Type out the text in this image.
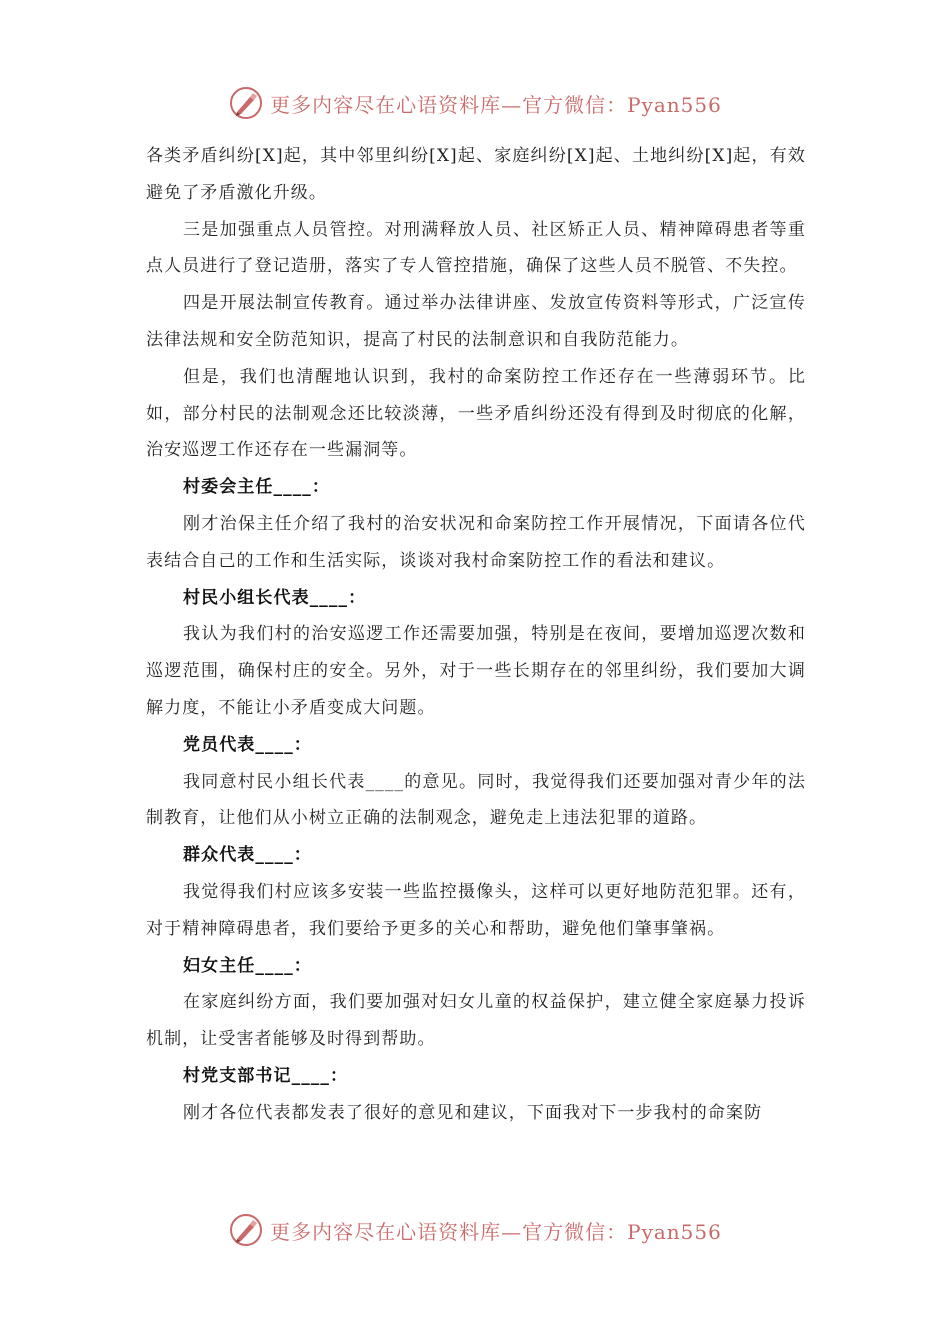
更多内容尽在心语资料库—官方微信：Pyan556

各类矛盾纠纷[X]起，其中邻里纠纷[X]起、家庭纠纷[X]起、土地纠纷[X]起，有效避免了矛盾激化升级。

三是加强重点人员管控。对刑满释放人员、社区矫正人员、精神障碍患者等重点人员进行了登记造册，落实了专人管控措施，确保了这些人员不脱管、不失控。

四是开展法制宣传教育。通过举办法律讲座、发放宣传资料等形式，广泛宣传法律法规和安全防范知识，提高了村民的法制意识和自我防范能力。

但是，我们也清醒地认识到，我村的命案防控工作还存在一些薄弱环节。比如，部分村民的法制观念还比较淡薄，一些矛盾纠纷还没有得到及时彻底的化解，治安巡逻工作还存在一些漏洞等。

村委会主任____：

刚才治保主任介绍了我村的治安状况和命案防控工作开展情况，下面请各位代表结合自己的工作和生活实际，谈谈对我村命案防控工作的看法和建议。

村民小组长代表____：

我认为我们村的治安巡逻工作还需要加强，特别是在夜间，要增加巡逻次数和巡逻范围，确保村庄的安全。另外，对于一些长期存在的邻里纠纷，我们要加大调解力度，不能让小矛盾变成大问题。

党员代表____：

我同意村民小组长代表____的意见。同时，我觉得我们还要加强对青少年的法制教育，让他们从小树立正确的法制观念，避免走上违法犯罪的道路。

群众代表____：

我觉得我们村应该多安装一些监控摄像头，这样可以更好地防范犯罪。还有，对于精神障碍患者，我们要给予更多的关心和帮助，避免他们肇事肇祸。

妇女主任____：

在家庭纠纷方面，我们要加强对妇女儿童的权益保护，建立健全家庭暴力投诉机制，让受害者能够及时得到帮助。

村党支部书记____：

刚才各位代表都发表了很好的意见和建议，下面我对下一步我村的命案防

更多内容尽在心语资料库—官方微信：Pyan556
